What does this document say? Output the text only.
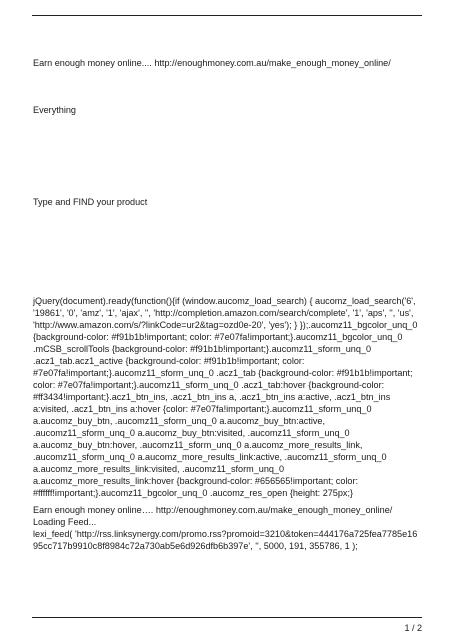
Earn enough money online.... http://enoughmoney.com.au/make_enough_money_online/
Everything
Type and FIND your product
jQuery(document).ready(function(){if (window.aucomz_load_search) { aucomz_load_search('6',
'19861', '0', 'amz', '1', 'ajax', '', 'http://completion.amazon.com/search/complete', '1', 'aps', '', 'us',
'http://www.amazon.com/s/?linkCode=ur2&tag=ozd0e-20', 'yes'); } });.aucomz11_bgcolor_unq_0
{background-color: #f91b1b!important; color: #7e07fa!important;}.aucomz11_bgcolor_unq_0
.mCSB_scrollTools {background-color: #f91b1b!important;}.aucomz11_sform_unq_0
.acz1_tab.acz1_active {background-color: #f91b1b!important; color:
#7e07fa!important;}.aucomz11_sform_unq_0 .acz1_tab {background-color: #f91b1b!important;
color: #7e07fa!important;}.aucomz11_sform_unq_0 .acz1_tab:hover {background-color:
#ff3434!important;}.acz1_btn_ins, .acz1_btn_ins a, .acz1_btn_ins a:active, .acz1_btn_ins
a:visited, .acz1_btn_ins a:hover {color: #7e07fa!important;}.aucomz11_sform_unq_0
a.aucomz_buy_btn, .aucomz11_sform_unq_0 a.aucomz_buy_btn:active,
.aucomz11_sform_unq_0 a.aucomz_buy_btn:visited, .aucomz11_sform_unq_0
a.aucomz_buy_btn:hover, .aucomz11_sform_unq_0 a.aucomz_more_results_link,
.aucomz11_sform_unq_0 a.aucomz_more_results_link:active, .aucomz11_sform_unq_0
a.aucomz_more_results_link:visited, .aucomz11_sform_unq_0
a.aucomz_more_results_link:hover {background-color: #656565!important; color:
#ffffff!important;}.aucomz11_bgcolor_unq_0 .aucomz_res_open {height: 275px;}
Earn enough money online…. http://enoughmoney.com.au/make_enough_money_online/
Loading Feed...
lexi_feed( 'http://rss.linksynergy.com/promo.rss?promoid=3210&token=444176a725fea7785e16
95cc717b9910c8f8984c72a730ab5e6d926dfb6b397e', '', 5000, 191, 355786, 1 );
1 / 2
